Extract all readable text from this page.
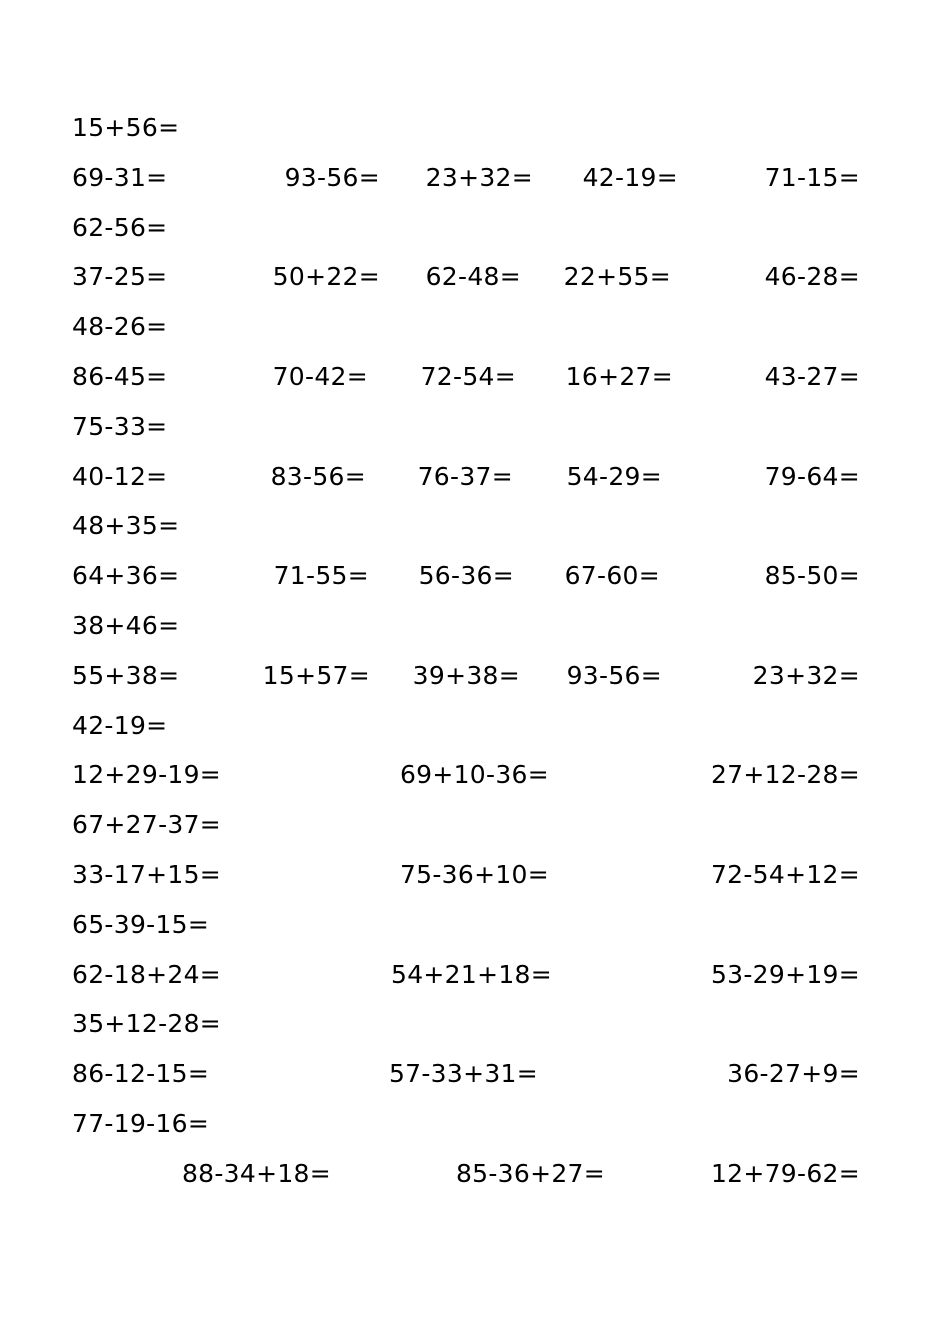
15+56=
69-31=	93-56= 23+32= 42-19=	71-15=
62-56=
37-25=	50+22= 62-48= 22+55=	46-28=
48-26=
86-45=	70-42= 72-54= 16+27=	43-27=
75-33=
40-12=	83-56= 76-37= 54-29=	79-64=
48+35=
64+36=	71-55= 56-36= 67-60=	85-50=
38+46=
55+38=	15+57= 39+38= 93-56=	23+32=
42-19=
12+29-19=	69+10-36=	27+12-28=
67+27-37=
33-17+15=	75-36+10=	72-54+12=
65-39-15=
62-18+24=	54+21+18=	53-29+19=
35+12-28=
86-12-15=	57-33+31=	36-27+9=
77-19-16=
88-34+18=	85-36+27=	12+79-62=
